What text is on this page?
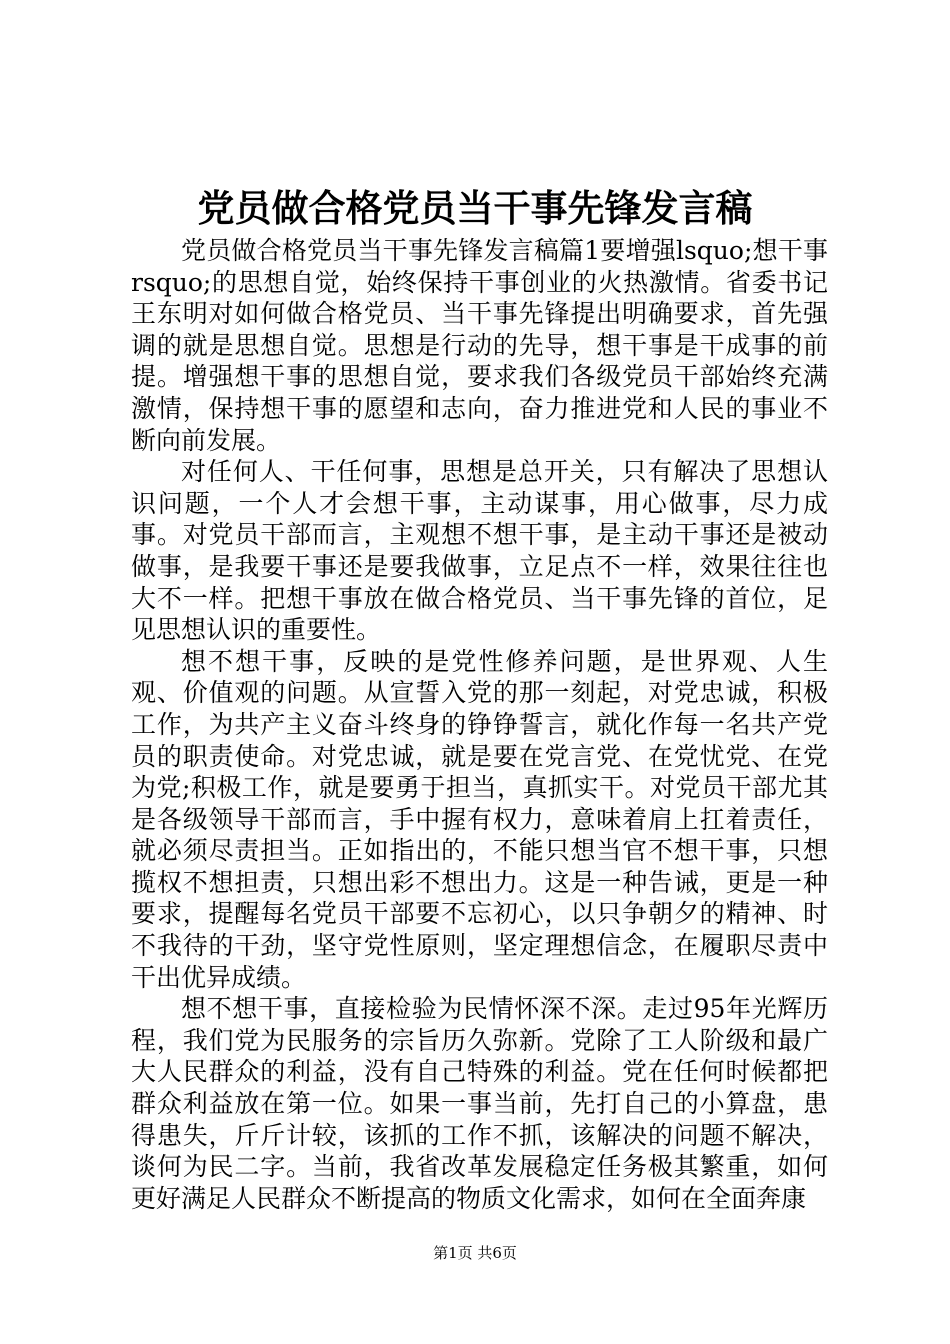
党员做合格党员当干事先锋发言稿

党员做合格党员当干事先锋发言稿篇1要增强lsquo;想干事rsquo;的思想自觉，始终保持干事创业的火热激情。省委书记王东明对如何做合格党员、当干事先锋提出明确要求，首先强调的就是思想自觉。思想是行动的先导，想干事是干成事的前提。增强想干事的思想自觉，要求我们各级党员干部始终充满激情，保持想干事的愿望和志向，奋力推进党和人民的事业不断向前发展。

对任何人、干任何事，思想是总开关，只有解决了思想认识问题，一个人才会想干事，主动谋事，用心做事，尽力成事。对党员干部而言，主观想不想干事，是主动干事还是被动做事，是我要干事还是要我做事，立足点不一样，效果往往也大不一样。把想干事放在做合格党员、当干事先锋的首位，足见思想认识的重要性。

想不想干事，反映的是党性修养问题，是世界观、人生观、价值观的问题。从宣誓入党的那一刻起，对党忠诚，积极工作，为共产主义奋斗终身的铮铮誓言，就化作每一名共产党员的职责使命。对党忠诚，就是要在党言党、在党忧党、在党为党;积极工作，就是要勇于担当，真抓实干。对党员干部尤其是各级领导干部而言，手中握有权力，意味着肩上扛着责任，就必须尽责担当。正如指出的，不能只想当官不想干事，只想揽权不想担责，只想出彩不想出力。这是一种告诫，更是一种要求，提醒每名党员干部要不忘初心，以只争朝夕的精神、时不我待的干劲，坚守党性原则，坚定理想信念，在履职尽责中干出优异成绩。

想不想干事，直接检验为民情怀深不深。走过95年光辉历程，我们党为民服务的宗旨历久弥新。党除了工人阶级和最广大人民群众的利益，没有自己特殊的利益。党在任何时候都把群众利益放在第一位。如果一事当前，先打自己的小算盘，患得患失，斤斤计较，该抓的工作不抓，该解决的问题不解决，谈何为民二字。当前，我省改革发展稳定任务极其繁重，如何更好满足人民群众不断提高的物质文化需求，如何在全面奔康

第1页 共6页
